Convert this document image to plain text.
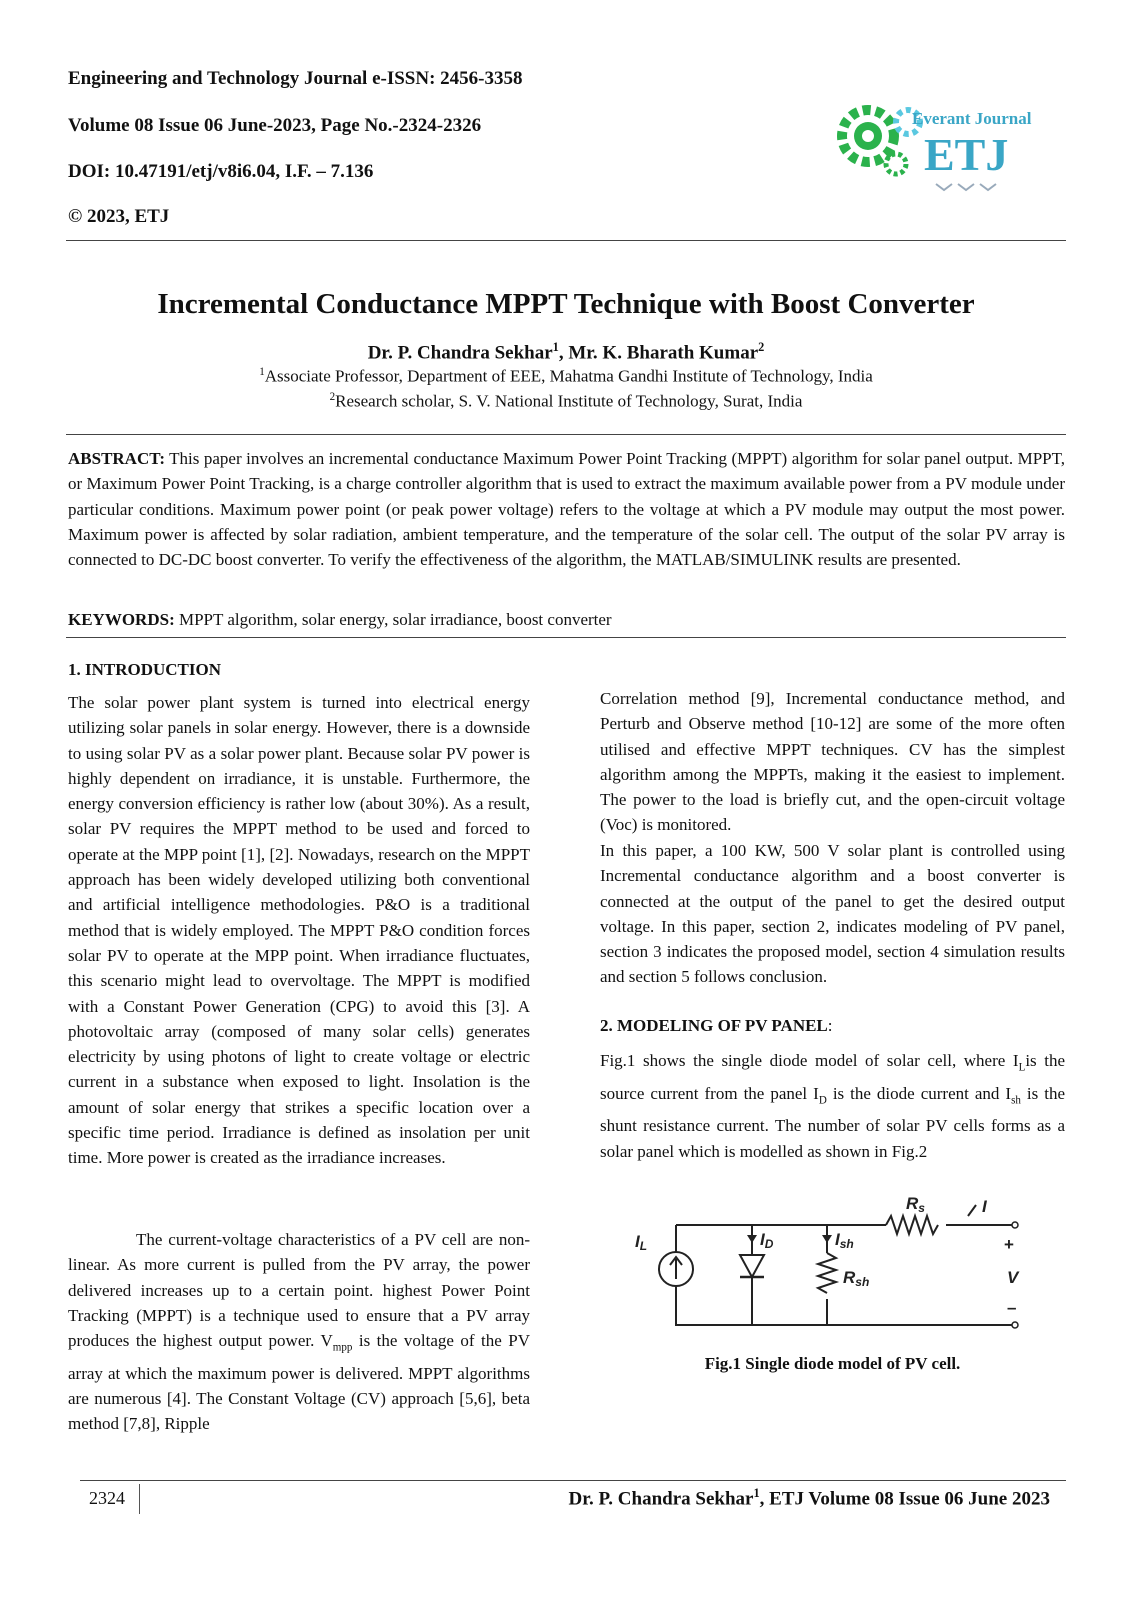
Engineering and Technology Journal e-ISSN: 2456-3358
Volume 08 Issue 06 June-2023, Page No.-2324-2326
DOI: 10.47191/etj/v8i6.04, I.F. – 7.136
© 2023, ETJ
Everant Journal
ETJ
Incremental Conductance MPPT Technique with Boost Converter
Dr. P. Chandra Sekhar$^1$, Mr. K. Bharath Kumar$^2$
$^1$Associate Professor, Department of EEE, Mahatma Gandhi Institute of Technology, India
$^2$Research scholar, S. V. National Institute of Technology, Surat, India

ABSTRACT: This paper involves an incremental conductance Maximum Power Point Tracking (MPPT) algorithm for solar panel output. MPPT, or Maximum Power Point Tracking, is a charge controller algorithm that is used to extract the maximum available power from a PV module under particular conditions. Maximum power point (or peak power voltage) refers to the voltage at which a PV module may output the most power. Maximum power is affected by solar radiation, ambient temperature, and the temperature of the solar cell. The output of the solar PV array is connected to DC-DC boost converter. To verify the effectiveness of the algorithm, the MATLAB/SIMULINK results are presented.

KEYWORDS: MPPT algorithm, solar energy, solar irradiance, boost converter

1. INTRODUCTION

The solar power plant system is turned into electrical energy utilizing solar panels in solar energy. However, there is a downside to using solar PV as a solar power plant. Because solar PV power is highly dependent on irradiance, it is unstable. Furthermore, the energy conversion efficiency is rather low (about 30%). As a result, solar PV requires the MPPT method to be used and forced to operate at the MPP point [1], [2]. Nowadays, research on the MPPT approach has been widely developed utilizing both conventional and artificial intelligence methodologies. P&O is a traditional method that is widely employed. The MPPT P&O condition forces solar PV to operate at the MPP point. When irradiance fluctuates, this scenario might lead to overvoltage. The MPPT is modified with a Constant Power Generation (CPG) to avoid this [3]. A photovoltaic array (composed of many solar cells) generates electricity by using photons of light to create voltage or electric current in a substance when exposed to light. Insolation is the amount of solar energy that strikes a specific location over a specific time period. Irradiance is defined as insolation per unit time. More power is created as the irradiance increases.

The current-voltage characteristics of a PV cell are non-linear. As more current is pulled from the PV array, the power delivered increases up to a certain point. highest Power Point Tracking (MPPT) is a technique used to ensure that a PV array produces the highest output power. $V_{mpp}$ is the voltage of the PV array at which the maximum power is delivered. MPPT algorithms are numerous [4]. The Constant Voltage (CV) approach [5,6], beta method [7,8], Ripple

Correlation method [9], Incremental conductance method, and Perturb and Observe method [10-12] are some of the more often utilised and effective MPPT techniques. CV has the simplest algorithm among the MPPTs, making it the easiest to implement. The power to the load is briefly cut, and the open-circuit voltage (Voc) is monitored.

In this paper, a 100 KW, 500 V solar plant is controlled using Incremental conductance algorithm and a boost converter is connected at the output of the panel to get the desired output voltage. In this paper, section 2, indicates modeling of PV panel, section 3 indicates the proposed model, section 4 simulation results and section 5 follows conclusion.

2. MODELING OF PV PANEL:

Fig.1 shows the single diode model of solar cell, where $I_Lis$ the source current from the panel $I_D$ is the diode current and $I_{sh}$ is the shunt resistance current. The number of solar PV cells forms as a solar panel which is modelled as shown in Fig.2

Rs	I
IL	ID	Ish
Rsh
+
V
–
Fig.1 Single diode model of PV cell.
2324	Dr. P. Chandra Sekhar$^1$, ETJ Volume 08 Issue 06 June 2023
